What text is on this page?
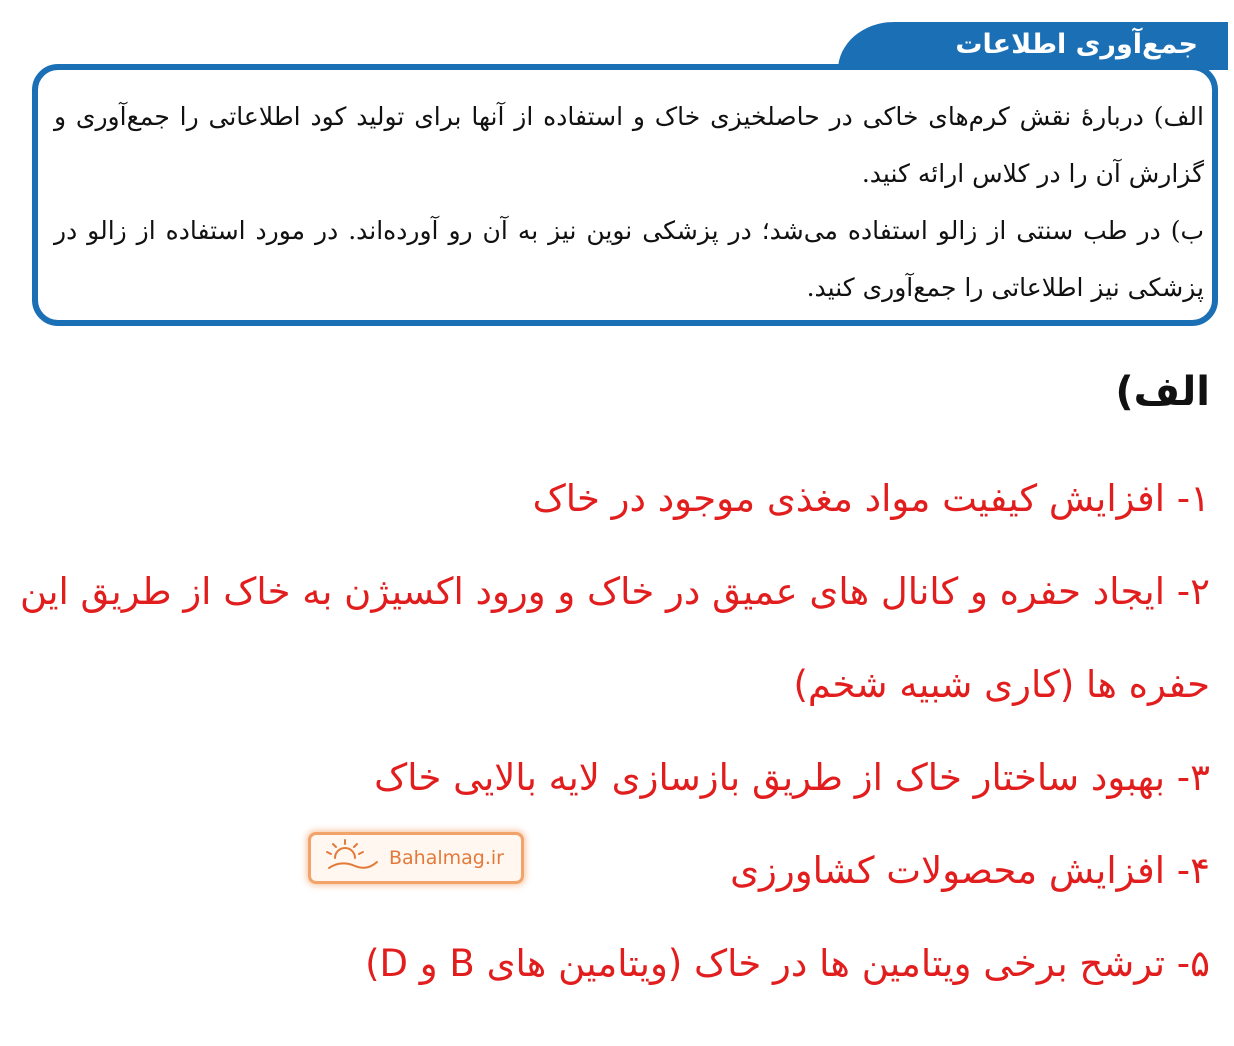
جمع‌آوری اطلاعات

الف) دربارهٔ نقش کرم‌های خاکی در حاصلخیزی خاک و استفاده از آنها برای تولید کود اطلاعاتی را جمع‌آوری و گزارش آن را در کلاس ارائه کنید.

ب) در طب سنتی از زالو استفاده می‌شد؛ در پزشکی نوین نیز به آن رو آورده‌اند. در مورد استفاده از زالو در پزشکی نیز اطلاعاتی را جمع‌آوری کنید.

الف)
۱- افزایش کیفیت مواد مغذی موجود در خاک
۲- ایجاد حفره و کانال های عمیق در خاک و ورود اکسیژن به خاک از طریق این حفره ها (کاری شبیه شخم)
۳- بهبود ساختار خاک از طریق بازسازی لایه بالایی خاک
۴- افزایش محصولات کشاورزی
۵- ترشح برخی ویتامین ها در خاک (ویتامین های B و D)
Bahalmag.ir
